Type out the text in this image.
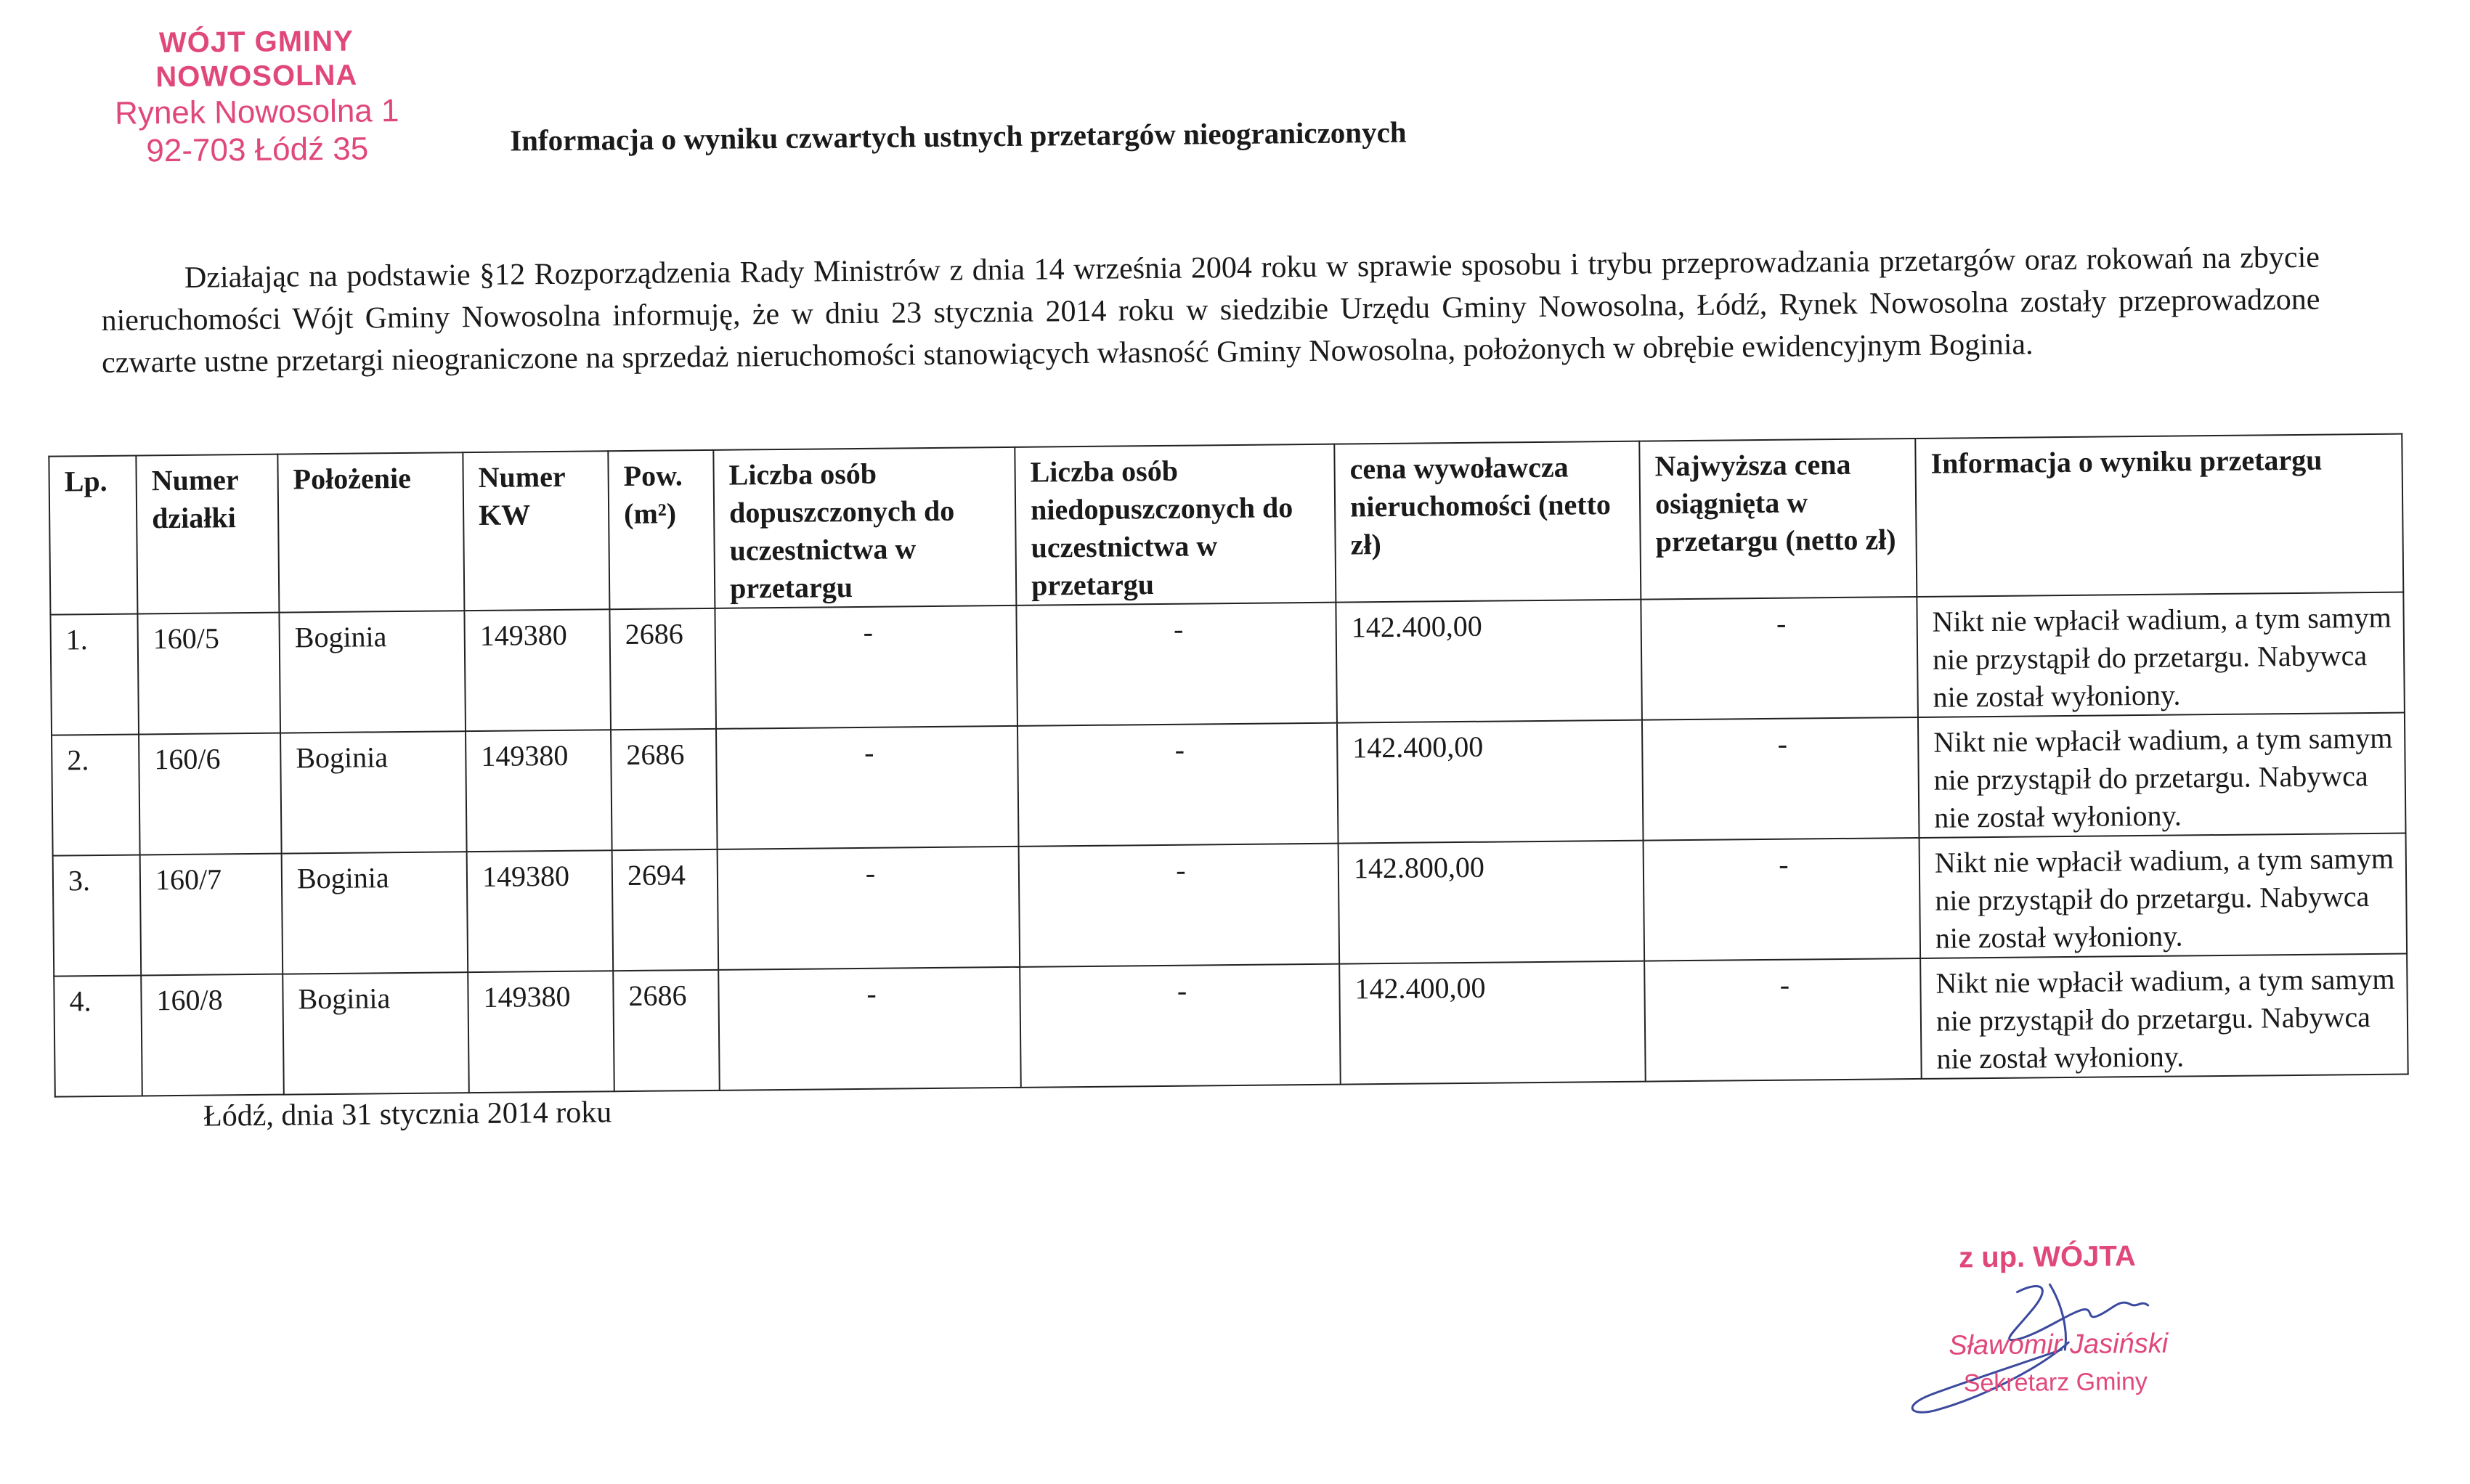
WÓJT GMINY NOWOSOLNA
Rynek Nowosolna 1
92-703 Łódź 35	Informacja o wyniku czwartych ustnych przetargów nieograniczonych

Działając na podstawie §12 Rozporządzenia Rady Ministrów z dnia 14 września 2004 roku w sprawie sposobu i trybu przeprowadzania przetargów oraz rokowań na zbycie nieruchomości Wójt Gminy Nowosolna informuję, że w dniu 23 stycznia 2014 roku w siedzibie Urzędu Gminy Nowosolna, Łódź, Rynek Nowosolna zostały przeprowadzone czwarte ustne przetargi nieograniczone na sprzedaż nieruchomości stanowiących własność Gminy Nowosolna, położonych w obrębie ewidencyjnym Boginia.

Lp.	Numer działki	Położenie	Numer KW	Pow. (m²)	Liczba osób dopuszczonych do uczestnictwa w przetargu	Liczba osób niedopuszczonych do uczestnictwa w przetargu	cena wywoławcza nieruchomości (netto zł)	Najwyższa cena osiągnięta w przetargu (netto zł)	Informacja o wyniku przetargu
1.	160/5	Boginia	149380	2686	-	-	142.400,00	-	Nikt nie wpłacił wadium, a tym samym nie przystąpił do przetargu. Nabywca nie został wyłoniony.
2.	160/6	Boginia	149380	2686	-	-	142.400,00	-	Nikt nie wpłacił wadium, a tym samym nie przystąpił do przetargu. Nabywca nie został wyłoniony.
3.	160/7	Boginia	149380	2694	-	-	142.800,00	-	Nikt nie wpłacił wadium, a tym samym nie przystąpił do przetargu. Nabywca nie został wyłoniony.
4.	160/8	Boginia	149380	2686	-	-	142.400,00	-	Nikt nie wpłacił wadium, a tym samym nie przystąpił do przetargu. Nabywca nie został wyłoniony.
Łódź, dnia 31 stycznia 2014 roku
z up. WÓJTA
Sławomir Jasiński
Sekretarz Gminy
